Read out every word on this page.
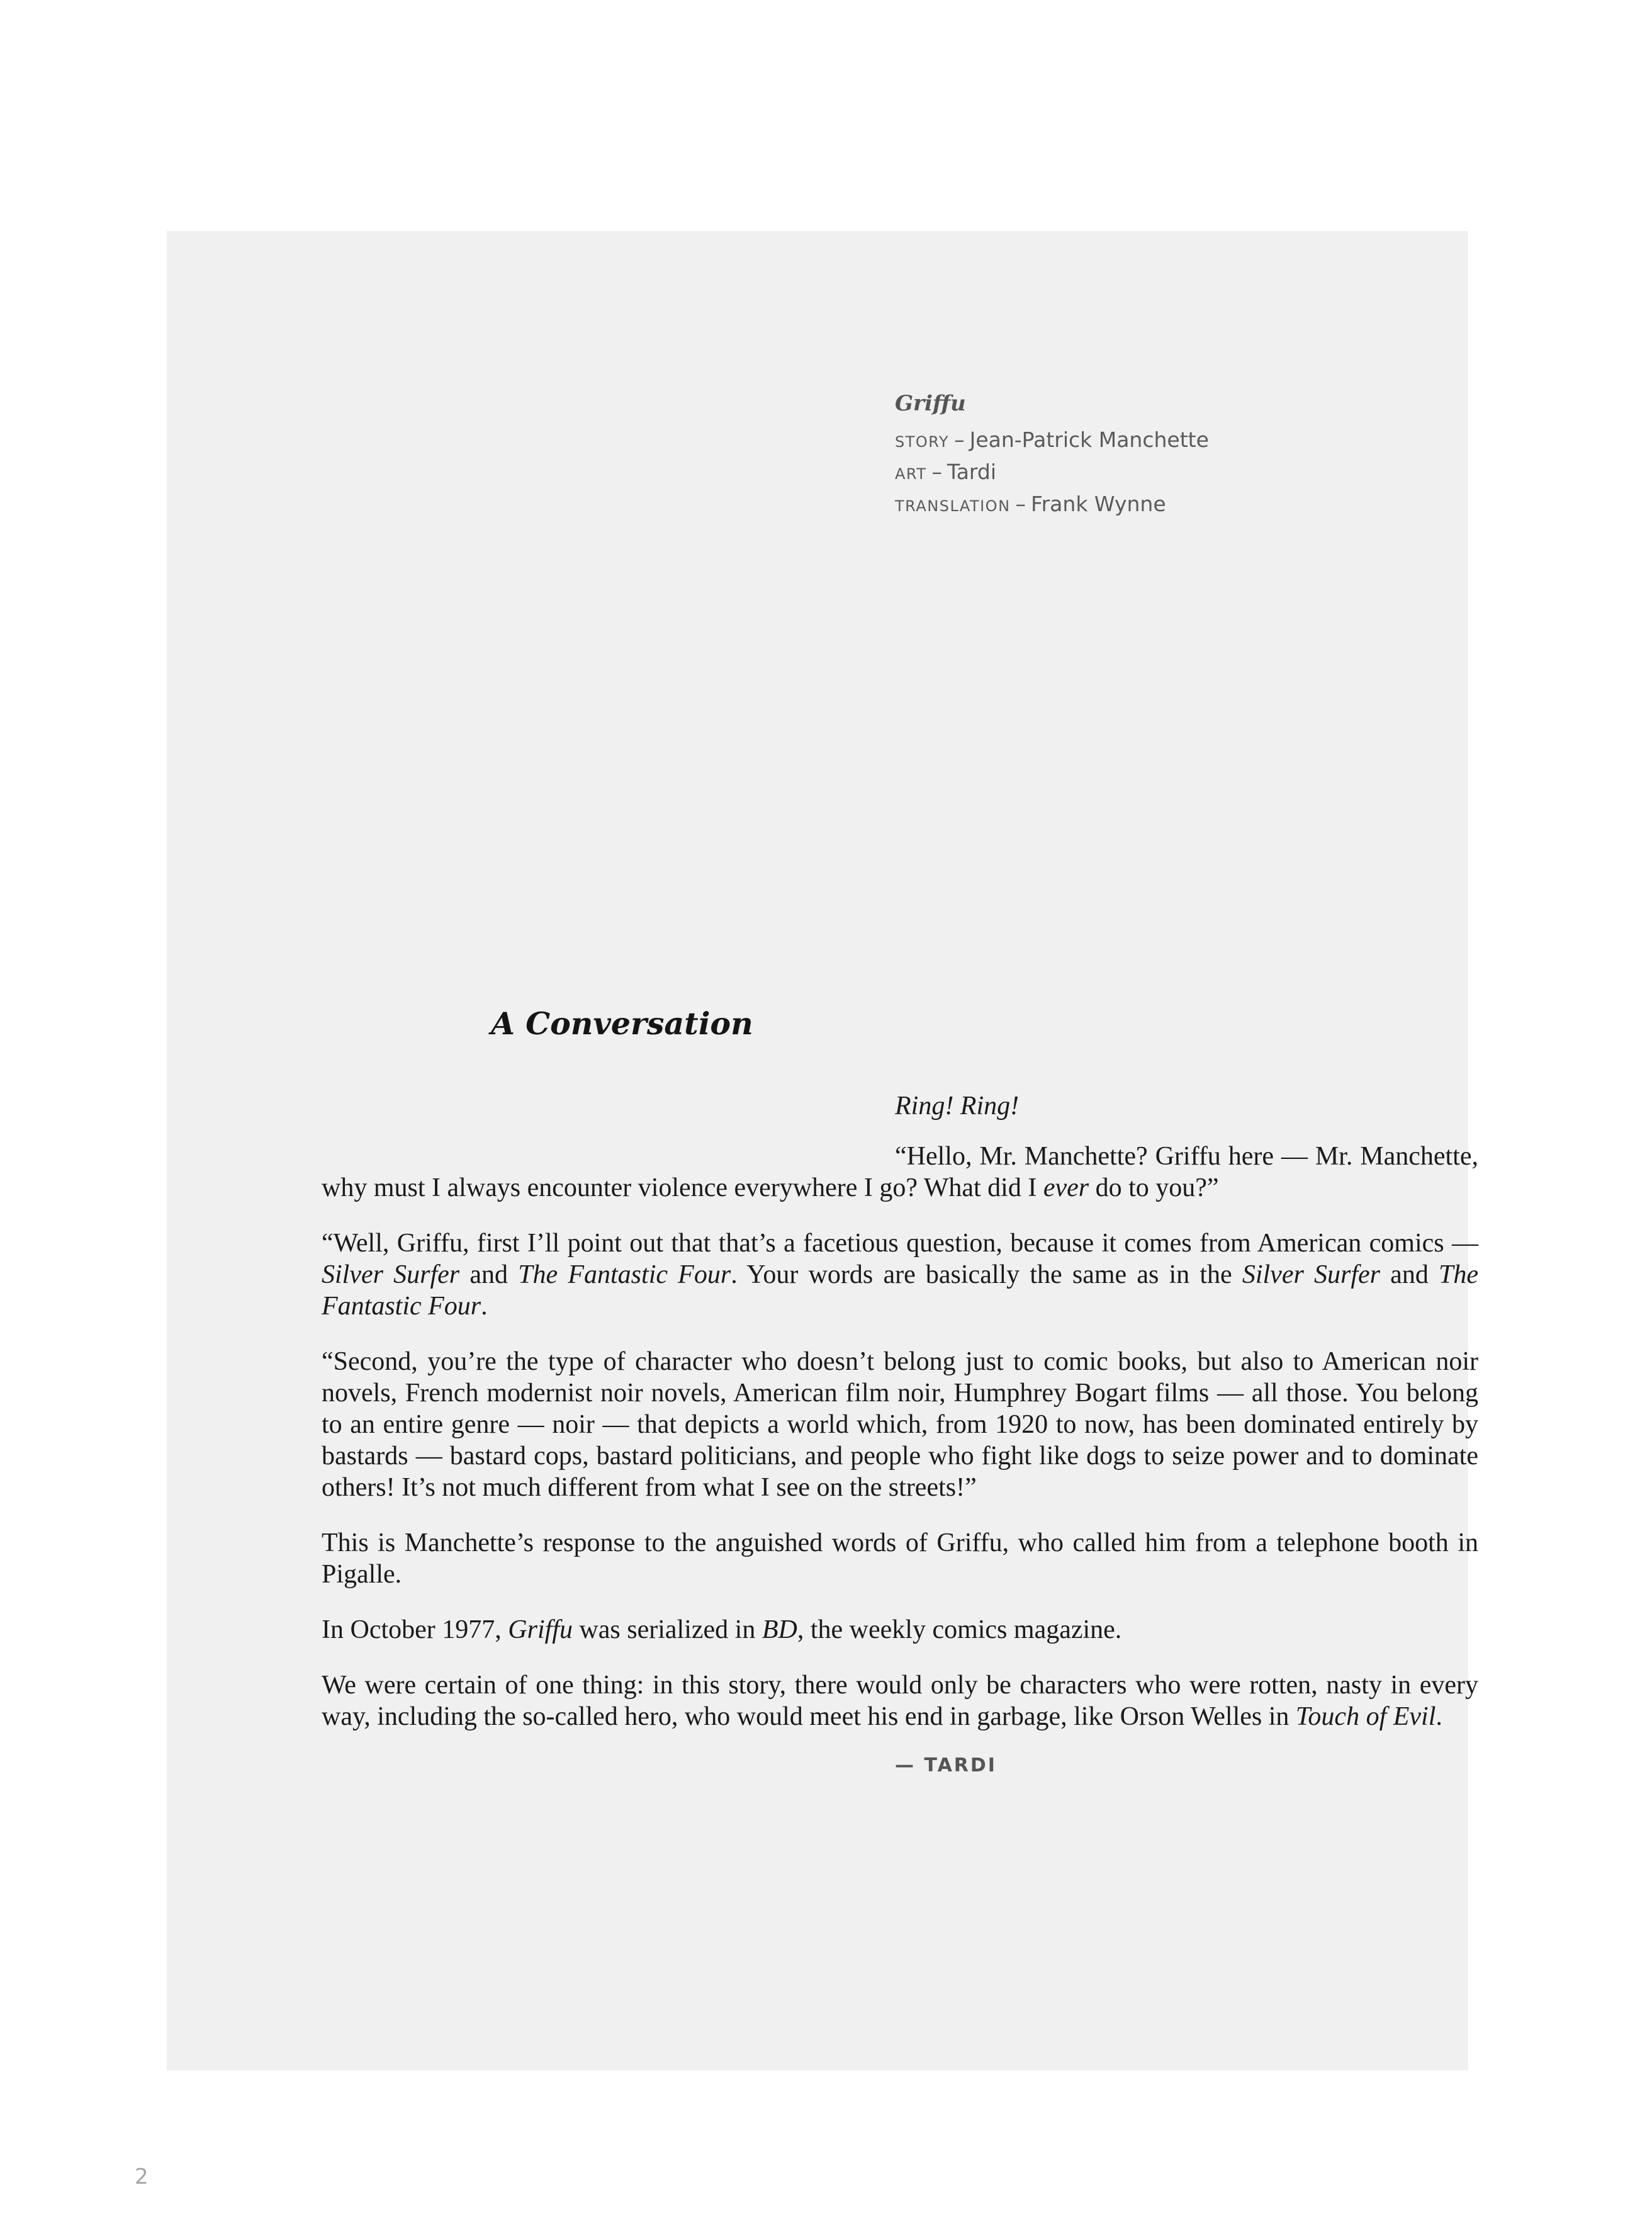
Griffu
STORY – Jean-Patrick Manchette
ART – Tardi
TRANSLATION – Frank Wynne
A Conversation

Ring! Ring!

“Hello, Mr. Manchette? Griffu here — Mr. Manchette, why must I always encounter violence everywhere I go? What did I ever do to you?”

“Well, Griffu, first I’ll point out that that’s a facetious question, because it comes from American comics — Silver Surfer and The Fantastic Four. Your words are basically the same as in the Silver Surfer and The Fantastic Four.

“Second, you’re the type of character who doesn’t belong just to comic books, but also to American noir novels, French modernist noir novels, American film noir, Humphrey Bogart films — all those. You belong to an entire genre — noir — that depicts a world which, from 1920 to now, has been dominated entirely by bastards — bastard cops, bastard politicians, and people who fight like dogs to seize power and to dominate others! It’s not much different from what I see on the streets!”

This is Manchette’s response to the anguished words of Griffu, who called him from a telephone booth in Pigalle.

In October 1977, Griffu was serialized in BD, the weekly comics magazine.

We were certain of one thing: in this story, there would only be characters who were rotten, nasty in every way, including the so-called hero, who would meet his end in garbage, like Orson Welles in Touch of Evil.

— TARDI
2
